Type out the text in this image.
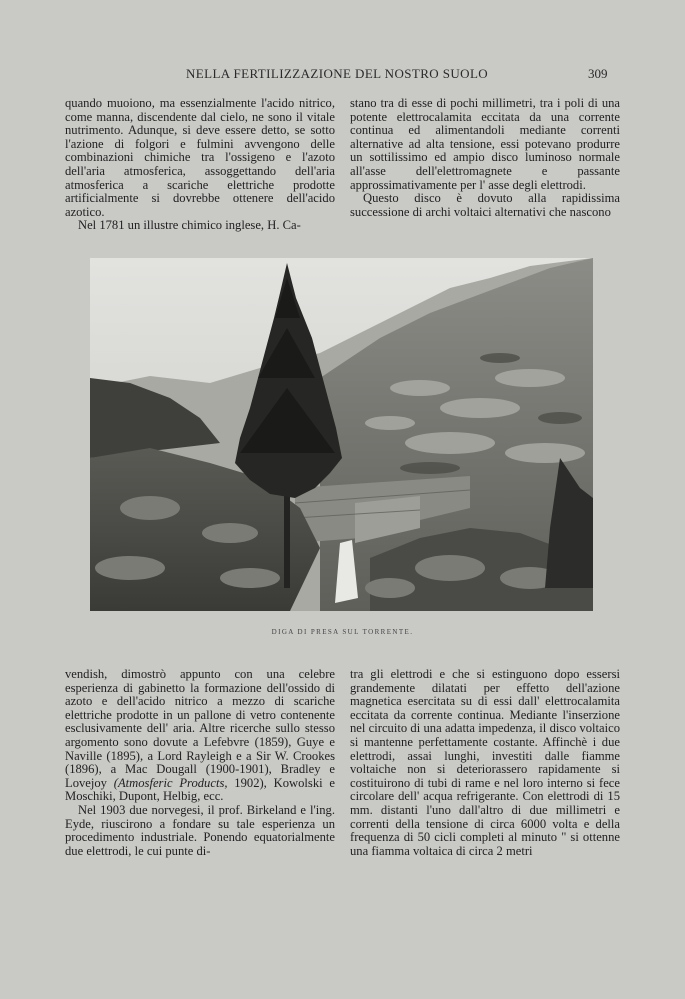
NELLA FERTILIZZAZIONE DEL NOSTRO SUOLO	309

quando muoiono, ma essenzialmente l'acido nitrico, come manna, discendente dal cielo, ne sono il vitale nutrimento. Adunque, si deve essere detto, se sotto l'azione di folgori e fulmini avvengono delle combinazioni chimiche tra l'ossigeno e l'azoto dell'aria atmosferica, assoggettando dell'aria atmosferica a scariche elettriche prodotte artificialmente si dovrebbe ottenere dell'acido azotico.

Nel 1781 un illustre chimico inglese, H. Ca-

stano tra di esse di pochi millimetri, tra i poli di una potente elettrocalamita eccitata da una corrente continua ed alimentandoli mediante correnti alternative ad alta tensione, essi potevano produrre un sottilissimo ed ampio disco luminoso normale all'asse dell'elettromagnete e passante approssimativamente per l' asse degli elettrodi.

Questo disco è dovuto alla rapidissima successione di archi voltaici alternativi che nascono

DIGA DI PRESA SUL TORRENTE.

vendish, dimostrò appunto con una celebre esperienza di gabinetto la formazione dell'ossido di azoto e dell'acido nitrico a mezzo di scariche elettriche prodotte in un pallone di vetro contenente esclusivamente dell' aria. Altre ricerche sullo stesso argomento sono dovute a Lefebvre (1859), Guye e Naville (1895), a Lord Rayleigh e a Sir W. Crookes (1896), a Mac Dougall (1900-1901), Bradley e Lovejoy (Atmosferic Products, 1902), Kowolski e Moschiki, Dupont, Helbig, ecc.

Nel 1903 due norvegesi, il prof. Birkeland e l'ing. Eyde, riuscirono a fondare su tale esperienza un procedimento industriale. Ponendo equatorialmente due elettrodi, le cui punte di-

tra gli elettrodi e che si estinguono dopo essersi grandemente dilatati per effetto dell'azione magnetica esercitata su di essi dall' elettrocalamita eccitata da corrente continua. Mediante l'inserzione nel circuito di una adatta impedenza, il disco voltaico si mantenne perfettamente costante. Affinchè i due elettrodi, assai lunghi, investiti dalle fiamme voltaiche non si deteriorassero rapidamente si costituirono di tubi di rame e nel loro interno si fece circolare dell' acqua refrigerante. Con elettrodi di 15 mm. distanti l'uno dall'altro di due millimetri e correnti della tensione di circa 6000 volta e della frequenza di 50 cicli completi al minuto " si ottenne una fiamma voltaica di circa 2 metri
